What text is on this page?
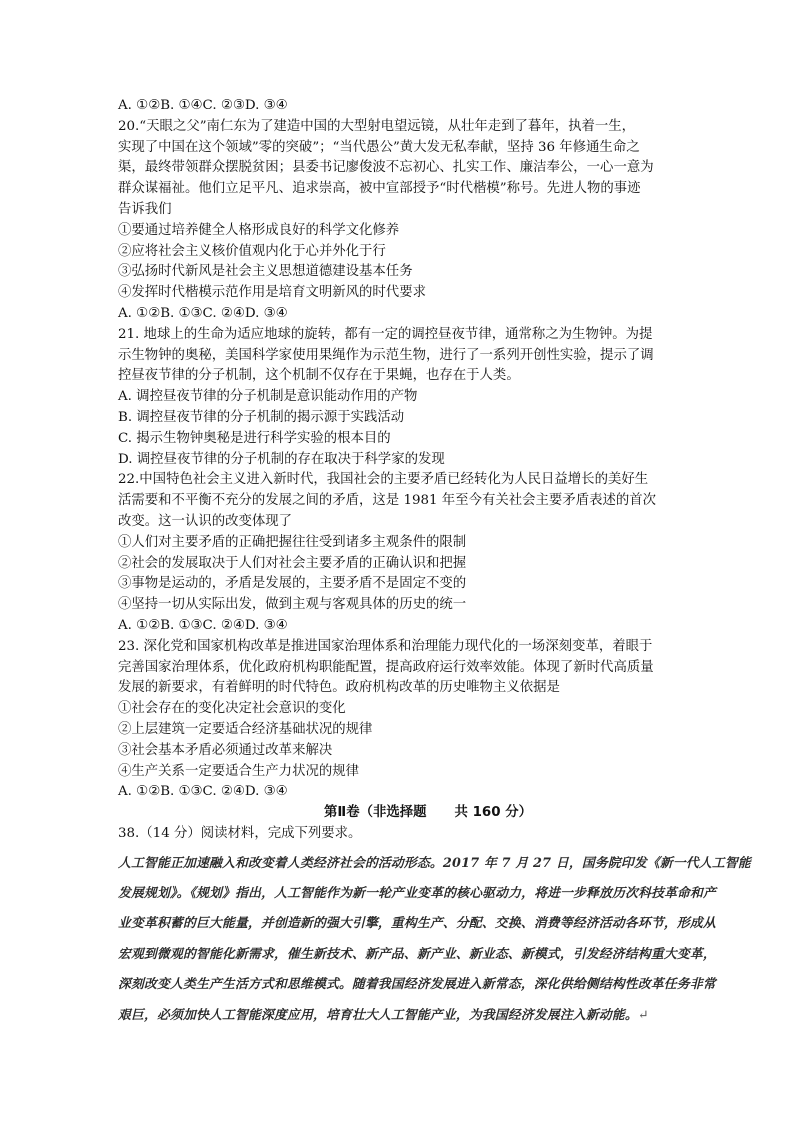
A. ①②B. ①④C. ②③D. ③④
20.“天眼之父”南仁东为了建造中国的大型射电望远镜，从壮年走到了暮年，执着一生，
实现了中国在这个领域”零的突破”；“当代愚公”黄大发无私奉献，坚持 36 年修通生命之
渠，最终带领群众摆脱贫困；县委书记廖俊波不忘初心、扎实工作、廉洁奉公，一心一意为
群众谋福祉。他们立足平凡、追求崇高，被中宣部授予“时代楷模”称号。先进人物的事迹
告诉我们
①要通过培养健全人格形成良好的科学文化修养
②应将社会主义核价值观内化于心并外化于行
③弘扬时代新风是社会主义思想道德建设基本任务
④发挥时代楷模示范作用是培育文明新风的时代要求
A. ①②B. ①③C. ②④D. ③④
21. 地球上的生命为适应地球的旋转，都有一定的调控昼夜节律，通常称之为生物钟。为提
示生物钟的奥秘，美国科学家使用果绳作为示范生物，进行了一系列开创性实验，提示了调
控昼夜节律的分子机制，这个机制不仅存在于果蝇，也存在于人类。
A. 调控昼夜节律的分子机制是意识能动作用的产物
B. 调控昼夜节律的分子机制的揭示源于实践活动
C. 揭示生物钟奥秘是进行科学实验的根本目的
D. 调控昼夜节律的分子机制的存在取决于科学家的发现
22.中国特色社会主义进入新时代，我国社会的主要矛盾已经转化为人民日益增长的美好生
活需要和不平衡不充分的发展之间的矛盾，这是 1981 年至今有关社会主要矛盾表述的首次
改变。这一认识的改变体现了
①人们对主要矛盾的正确把握往往受到诸多主观条件的限制
②社会的发展取决于人们对社会主要矛盾的正确认识和把握
③事物是运动的，矛盾是发展的，主要矛盾不是固定不变的
④坚持一切从实际出发，做到主观与客观具体的历史的统一
A. ①②B. ①③C. ②④D. ③④
23. 深化党和国家机构改革是推进国家治理体系和治理能力现代化的一场深刻变革，着眼于
完善国家治理体系，优化政府机构职能配置，提高政府运行效率效能。体现了新时代高质量
发展的新要求，有着鲜明的时代特色。政府机构改革的历史唯物主义依据是
①社会存在的变化决定社会意识的变化
②上层建筑一定要适合经济基础状况的规律
③社会基本矛盾必须通过改革来解决
④生产关系一定要适合生产力状况的规律
A. ①②B. ①③C. ②④D. ③④
第Ⅱ卷（非选择题      共 160 分）
38.（14 分）阅读材料，完成下列要求。
人工智能正加速融入和改变着人类经济社会的活动形态。2017 年 7 月 27 日，国务院印发《新一代人工智能
发展规划》。《规划》指出，人工智能作为新一轮产业变革的核心驱动力，将进一步释放历次科技革命和产
业变革积蓄的巨大能量，并创造新的强大引擎，重构生产、分配、交换、消费等经济活动各环节，形成从
宏观到微观的智能化新需求，催生新技术、新产品、新产业、新业态、新模式，引发经济结构重大变革，
深刻改变人类生产生活方式和思维模式。随着我国经济发展进入新常态，深化供给侧结构性改革任务非常
艰巨，必须加快人工智能深度应用，培育壮大人工智能产业，为我国经济发展注入新动能。↵
